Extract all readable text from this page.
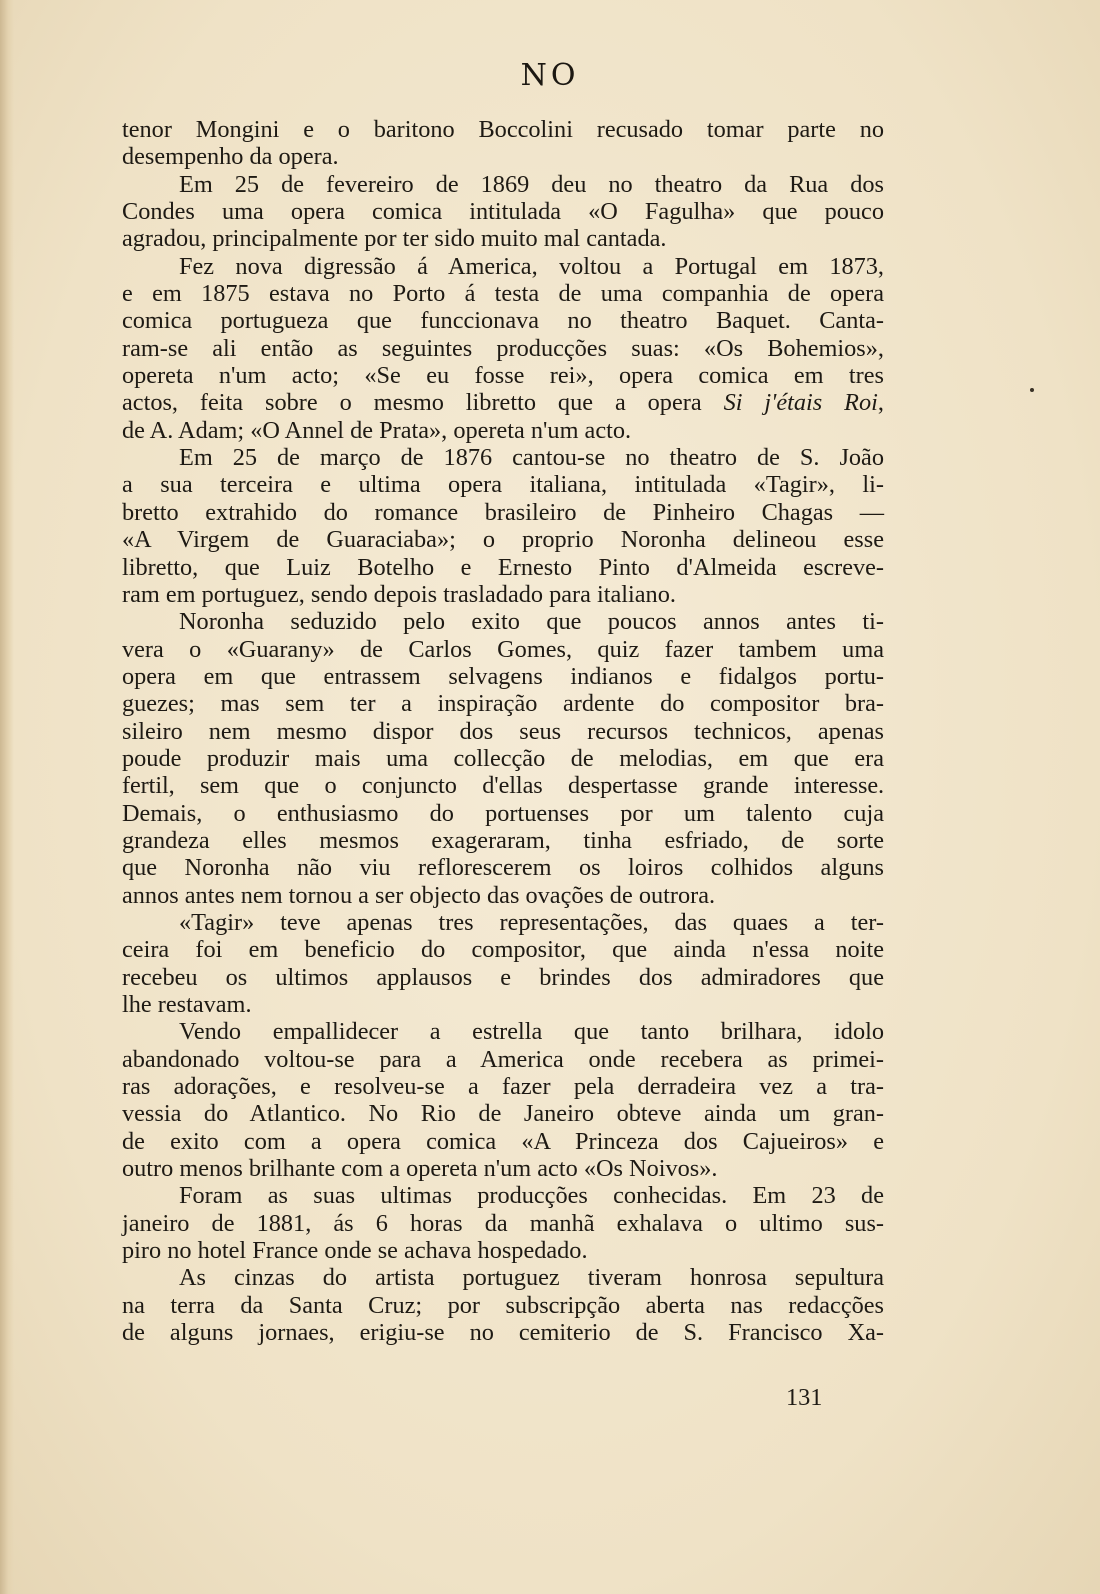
NO
tenor Mongini e o baritono Boccolini recusado tomar parte no
desempenho da opera.
Em 25 de fevereiro de 1869 deu no theatro da Rua dos
Condes uma opera comica intitulada «O Fagulha» que pouco
agradou, principalmente por ter sido muito mal cantada.
Fez nova digressão á America, voltou a Portugal em 1873,
e em 1875 estava no Porto á testa de uma companhia de opera
comica portugueza que funccionava no theatro Baquet. Canta-
ram-se ali então as seguintes producções suas: «Os Bohemios»,
opereta n'um acto; «Se eu fosse rei», opera comica em tres
actos, feita sobre o mesmo libretto que a opera Si j'étais Roi,
de A. Adam; «O Annel de Prata», opereta n'um acto.
Em 25 de março de 1876 cantou-se no theatro de S. João
a sua terceira e ultima opera italiana, intitulada «Tagir», li-
bretto extrahido do romance brasileiro de Pinheiro Chagas —
«A Virgem de Guaraciaba»; o proprio Noronha delineou esse
libretto, que Luiz Botelho e Ernesto Pinto d'Almeida escreve-
ram em portuguez, sendo depois trasladado para italiano.
Noronha seduzido pelo exito que poucos annos antes ti-
vera o «Guarany» de Carlos Gomes, quiz fazer tambem uma
opera em que entrassem selvagens indianos e fidalgos portu-
guezes; mas sem ter a inspiração ardente do compositor bra-
sileiro nem mesmo dispor dos seus recursos technicos, apenas
poude produzir mais uma collecção de melodias, em que era
fertil, sem que o conjuncto d'ellas despertasse grande interesse.
Demais, o enthusiasmo do portuenses por um talento cuja
grandeza elles mesmos exageraram, tinha esfriado, de sorte
que Noronha não viu reflorescerem os loiros colhidos alguns
annos antes nem tornou a ser objecto das ovações de outrora.
«Tagir» teve apenas tres representações, das quaes a ter-
ceira foi em beneficio do compositor, que ainda n'essa noite
recebeu os ultimos applausos e brindes dos admiradores que
lhe restavam.
Vendo empallidecer a estrella que tanto brilhara, idolo
abandonado voltou-se para a America onde recebera as primei-
ras adorações, e resolveu-se a fazer pela derradeira vez a tra-
vessia do Atlantico. No Rio de Janeiro obteve ainda um gran-
de exito com a opera comica «A Princeza dos Cajueiros» e
outro menos brilhante com a opereta n'um acto «Os Noivos».
Foram as suas ultimas producções conhecidas. Em 23 de
janeiro de 1881, ás 6 horas da manhã exhalava o ultimo sus-
piro no hotel France onde se achava hospedado.
As cinzas do artista portuguez tiveram honrosa sepultura
na terra da Santa Cruz; por subscripção aberta nas redacções
de alguns jornaes, erigiu-se no cemiterio de S. Francisco Xa-
131
